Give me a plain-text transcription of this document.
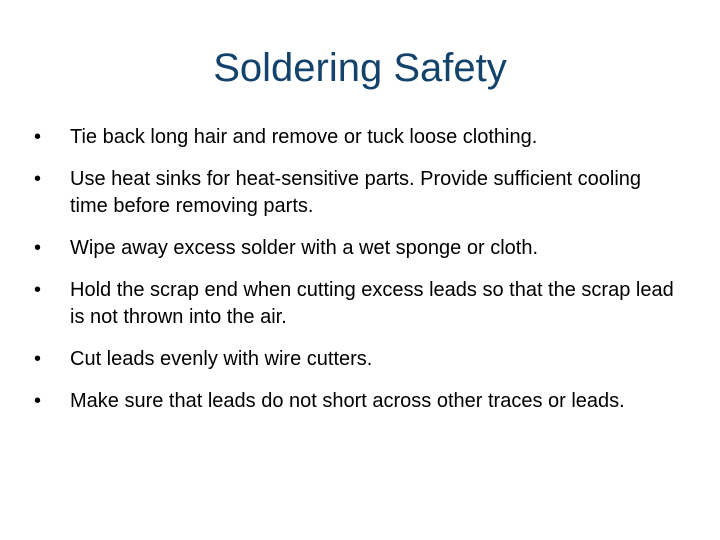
Soldering Safety
•	Tie back long hair and remove or tuck loose clothing.
•	Use heat sinks for heat-sensitive parts. Provide sufficient cooling time before removing parts.
•	Wipe away excess solder with a wet sponge or cloth.
•	Hold the scrap end when cutting excess leads so that the scrap lead is not thrown into the air.
•	Cut leads evenly with wire cutters.
•	Make sure that leads do not short across other traces or leads.
